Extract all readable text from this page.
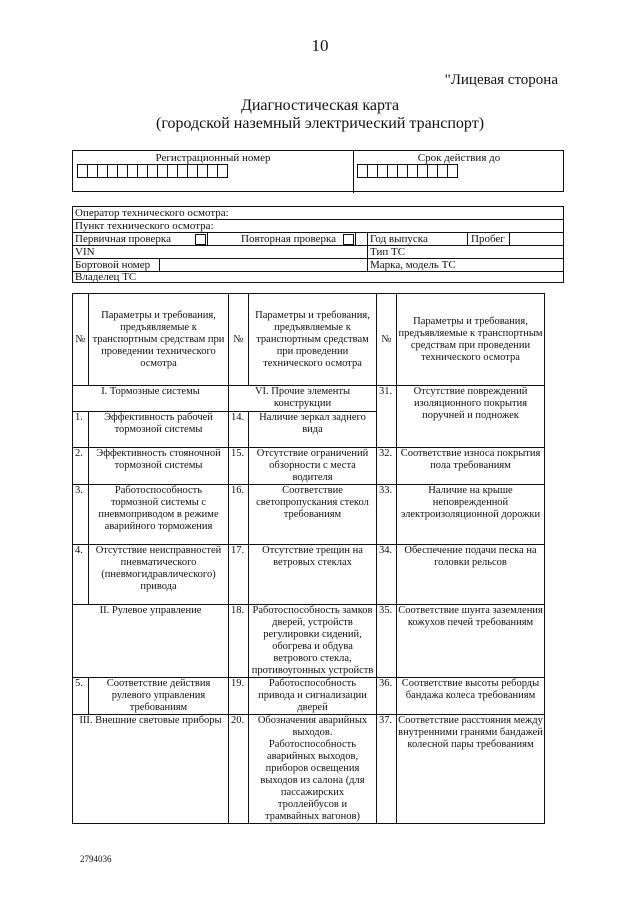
10
"Лицевая сторона
Диагностическая карта
(городской наземный электрический транспорт)
Регистрационный номер	Срок действия до
Оператор технического осмотра:
Пункт технического осмотра:
Первичная проверка	Повторная проверка	Год выпуска	Пробег
VIN	Тип ТС
Бортовой номер	Марка, модель ТС
Владелец ТС
№	Параметры и требования, предъявляемые к транспортным средствам при проведении технического осмотра	№	Параметры и требования, предъявляемые к транспортным средствам при проведении технического осмотра	№	Параметры и требования, предъявляемые к транспортным средствам при проведении технического осмотра
I. Тормозные системы		VI. Прочие элементы конструкции		31.	Отсутствие повреждений изоляционного покрытия поручней и подножек
1.	Эффективность рабочей тормозной системы	14.	Наличие зеркал заднего вида		
2.	Эффективность стояночной тормозной системы	15.	Отсутствие ограничений обзорности с места водителя	32.	Соответствие износа покрытия пола требованиям
3.	Работоспособность тормозной системы с пневмоприводом в режиме аварийного торможения	16.	Соответствие светопропускания стекол требованиям	33.	Наличие на крыше неповрежденной электроизоляционной дорожки
4.	Отсутствие неисправностей пневматического (пневмогидравлического) привода	17.	Отсутствие трещин на ветровых стеклах	34.	Обеспечение подачи песка на головки рельсов
II. Рулевое управление		18.	Работоспособность замков дверей, устройств регулировки сидений, обогрева и обдува ветрового стекла, противоугонных устройств	35.	Соответствие шунта заземления кожухов печей требованиям
5.	Соответствие действия рулевого управления требованиям	19.	Работоспособность привода и сигнализации дверей	36.	Соответствие высоты реборды бандажа колеса требованиям
III. Внешние световые приборы		20.	Обозначения аварийных выходов. Работоспособность аварийных выходов, приборов освещения выходов из салона (для пассажирских троллейбусов и трамвайных вагонов)	37.	Соответствие расстояния между внутренними гранями бандажей колесной пары требованиям
2794036
